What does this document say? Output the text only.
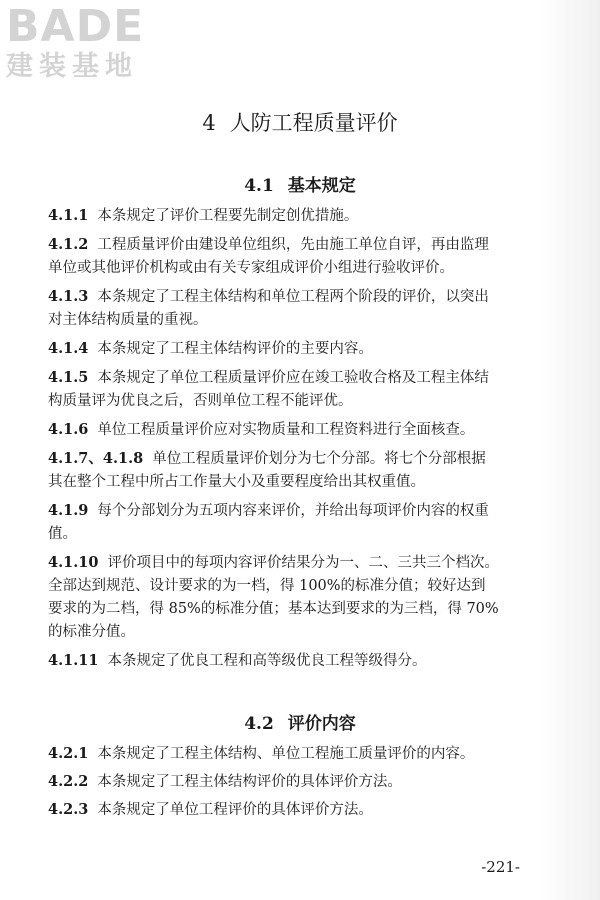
BADE
建装基地
4 人防工程质量评价
4.1 基本规定
4.1.1 本条规定了评价工程要先制定创优措施。
4.1.2 工程质量评价由建设单位组织，先由施工单位自评，再由监理单位或其他评价机构或由有关专家组成评价小组进行验收评价。
4.1.3 本条规定了工程主体结构和单位工程两个阶段的评价，以突出对主体结构质量的重视。
4.1.4 本条规定了工程主体结构评价的主要内容。
4.1.5 本条规定了单位工程质量评价应在竣工验收合格及工程主体结构质量评为优良之后，否则单位工程不能评优。
4.1.6 单位工程质量评价应对实物质量和工程资料进行全面核查。
4.1.7、4.1.8 单位工程质量评价划分为七个分部。将七个分部根据其在整个工程中所占工作量大小及重要程度给出其权重值。
4.1.9 每个分部划分为五项内容来评价，并给出每项评价内容的权重值。
4.1.10 评价项目中的每项内容评价结果分为一、二、三共三个档次。全部达到规范、设计要求的为一档，得 100%的标准分值；较好达到要求的为二档，得 85%的标准分值；基本达到要求的为三档，得 70%的标准分值。
4.1.11 本条规定了优良工程和高等级优良工程等级得分。
4.2 评价内容
4.2.1 本条规定了工程主体结构、单位工程施工质量评价的内容。
4.2.2 本条规定了工程主体结构评价的具体评价方法。
4.2.3 本条规定了单位工程评价的具体评价方法。
-221-
